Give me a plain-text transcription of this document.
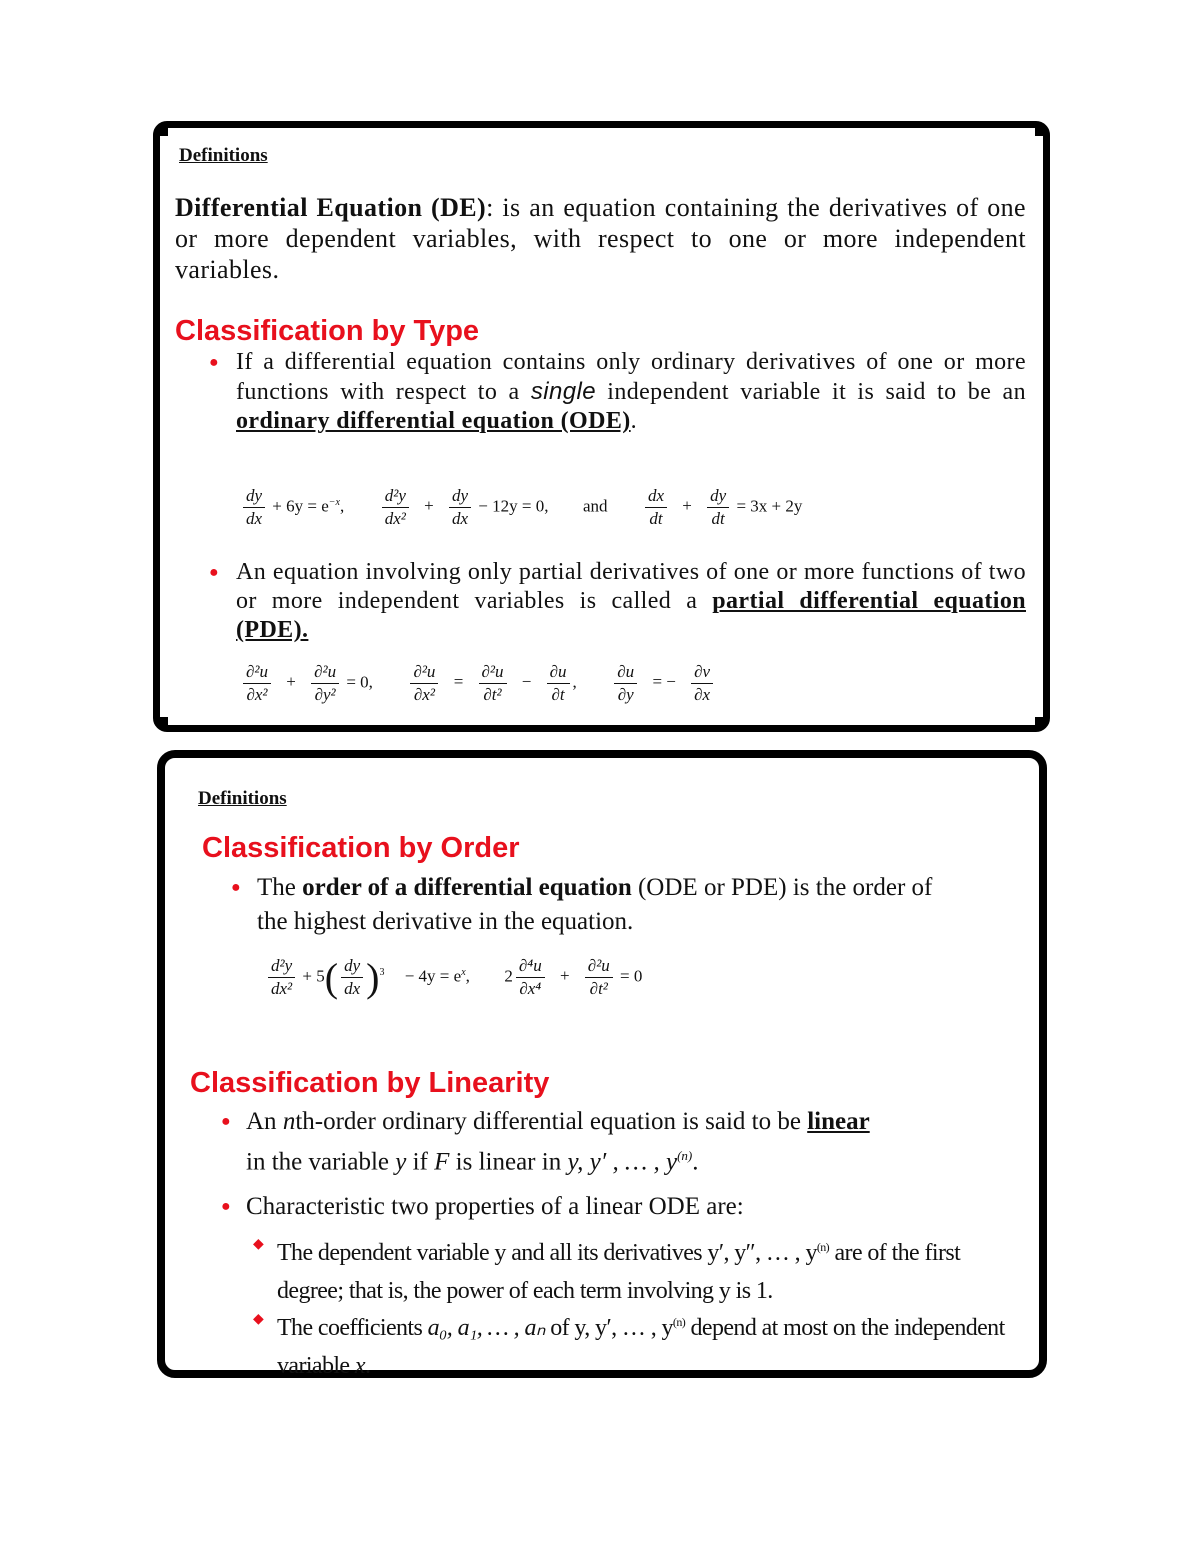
Definitions
Differential Equation (DE): is an equation containing the derivatives of one or more dependent variables, with respect to one or more independent variables.
Classification by Type
● If a differential equation contains only ordinary derivatives of one or more functions with respect to a single independent variable it is said to be an ordinary differential equation (ODE).
$\frac{dy}{dx} + 6y = e^{-x}$, $\frac{\text{d²y}}{\text{dx²}} + \frac{dy}{dx} - 12y = 0$, and $\frac{dx}{dt} + \frac{dy}{dt} = 3x + 2y$
● An equation involving only partial derivatives of one or more functions of two or more independent variables is called a partial differential equation (PDE).
$\frac{\text{∂²u}}{\text{∂x²}} + \frac{\text{∂²u}}{\text{∂y²}} = 0$, $\frac{\text{∂²u}}{\text{∂x²}} = \frac{\text{∂²u}}{\text{∂t²}} - \frac{\partial u}{\partial t}$ , $\frac{\partial u}{\partial y}$ = − $\frac{\partial v}{\partial x}$
Definitions
Classification by Order
● The order of a differential equation (ODE or PDE) is the order of the highest derivative in the equation.
$\frac{\text{d²y}}{\text{dx²}} + 5( \frac{dy}{dx} )^3 - 4y = e^x$, $2 \frac{\text{∂⁴u}}{\text{∂x⁴}} + \frac{\text{∂²u}}{\text{∂t²}} = 0$
Classification by Linearity
● An nth-order ordinary differential equation is said to be linear
in the variable y if F is linear in y, y′ , … , $y^{(n)}$.
● Characteristic two properties of a linear ODE are:
◆ The dependent variable y and all its derivatives y′, y″, … , $y^{(n)}$ are of the first degree; that is, the power of each term involving y is 1.
◆ The coefficients a₀, a₁, … , aₙ of y, y′, … , $y^{(n)}$ depend at most on the independent variable x.
